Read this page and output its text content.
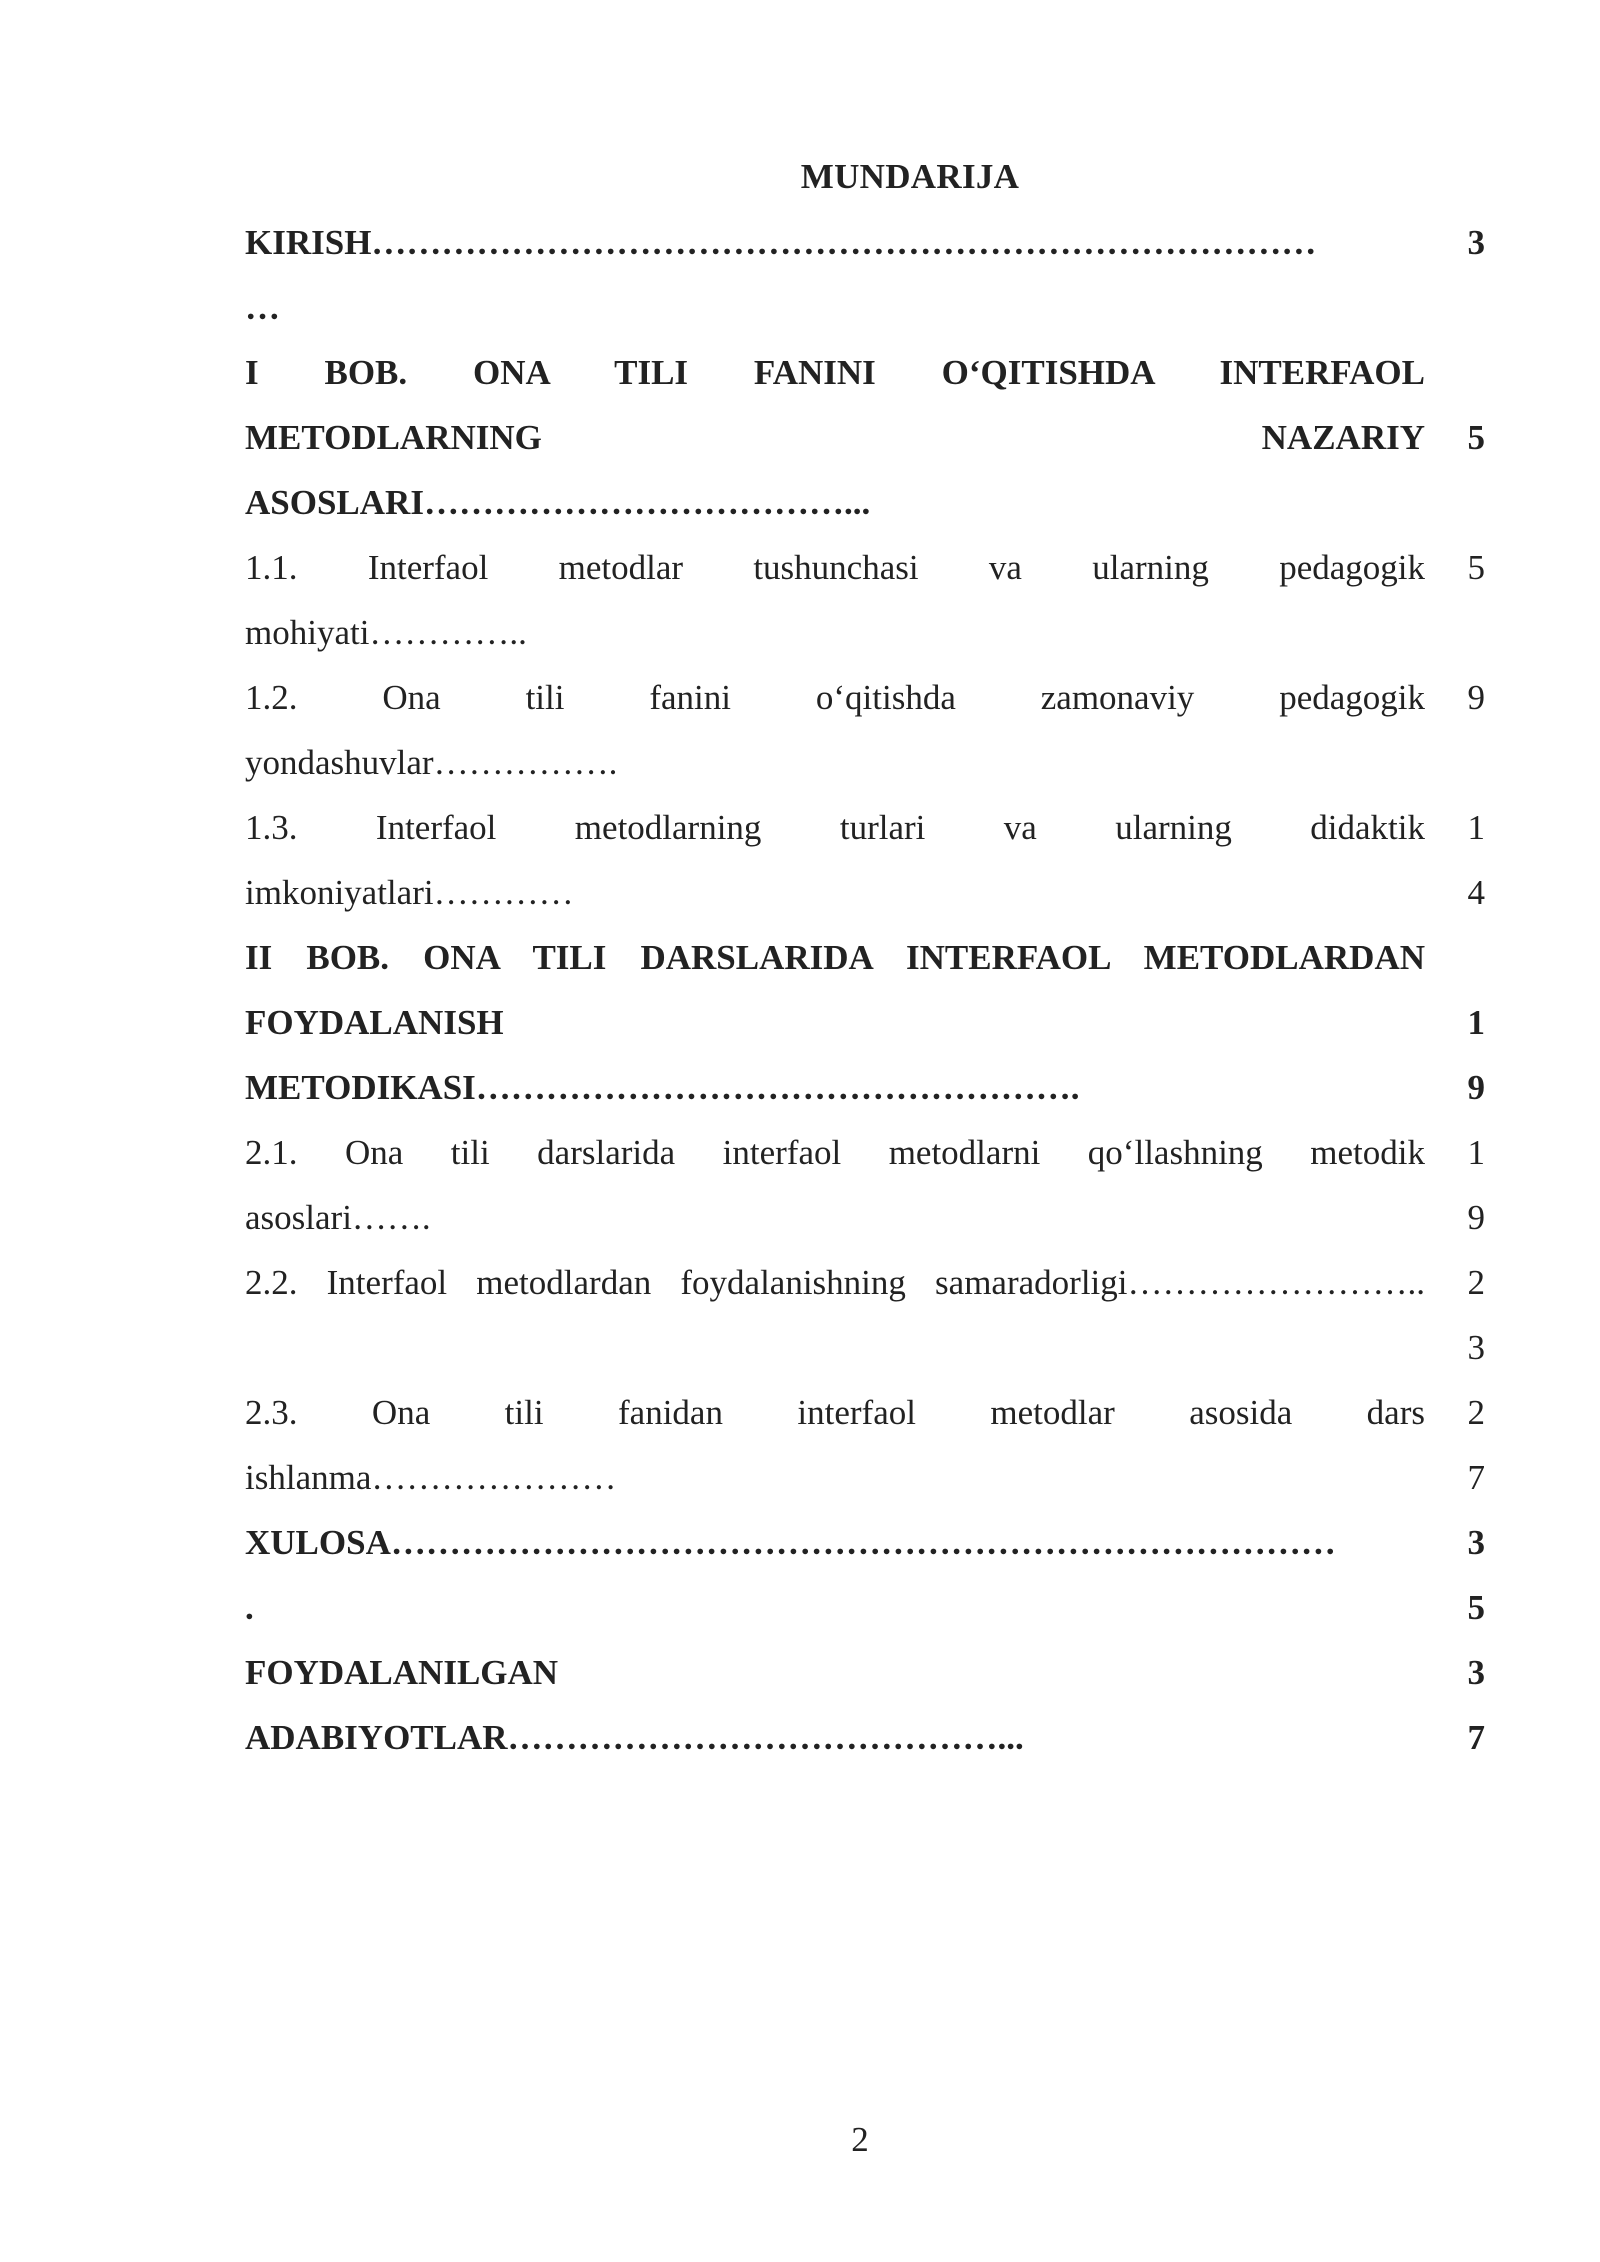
MUNDARIJA
KIRISH………………………………………………………………………
…
3
I BOB. ONA TILI FANINI O‘QITISHDA INTERFAOL
METODLARNING NAZARIY
ASOSLARI………………………………...

5
1.1. Interfaol metodlar tushunchasi va ularning pedagogik
mohiyati…………..
5
1.2. Ona tili fanini o‘qitishda zamonaviy pedagogik
yondashuvlar…………….
9
1.3. Interfaol metodlarning turlari va ularning didaktik
imkoniyatlari…………
1
4
II BOB. ONA TILI DARSLARIDA INTERFAOL METODLARDAN
FOYDALANISH
METODIKASI…………………………………………….

1
9
2.1. Ona tili darslarida interfaol metodlarni qo‘llashning metodik
asoslari…….
1
9
2.2. Interfaol metodlardan foydalanishning samaradorligi……………………..
	2
3
2.3. Ona tili fanidan interfaol metodlar asosida dars
ishlanma…………………
2
7
XULOSA………………………………………………………………………
.
3
5
FOYDALANILGAN
ADABIYOTLAR……………………………………...
3
7
2
